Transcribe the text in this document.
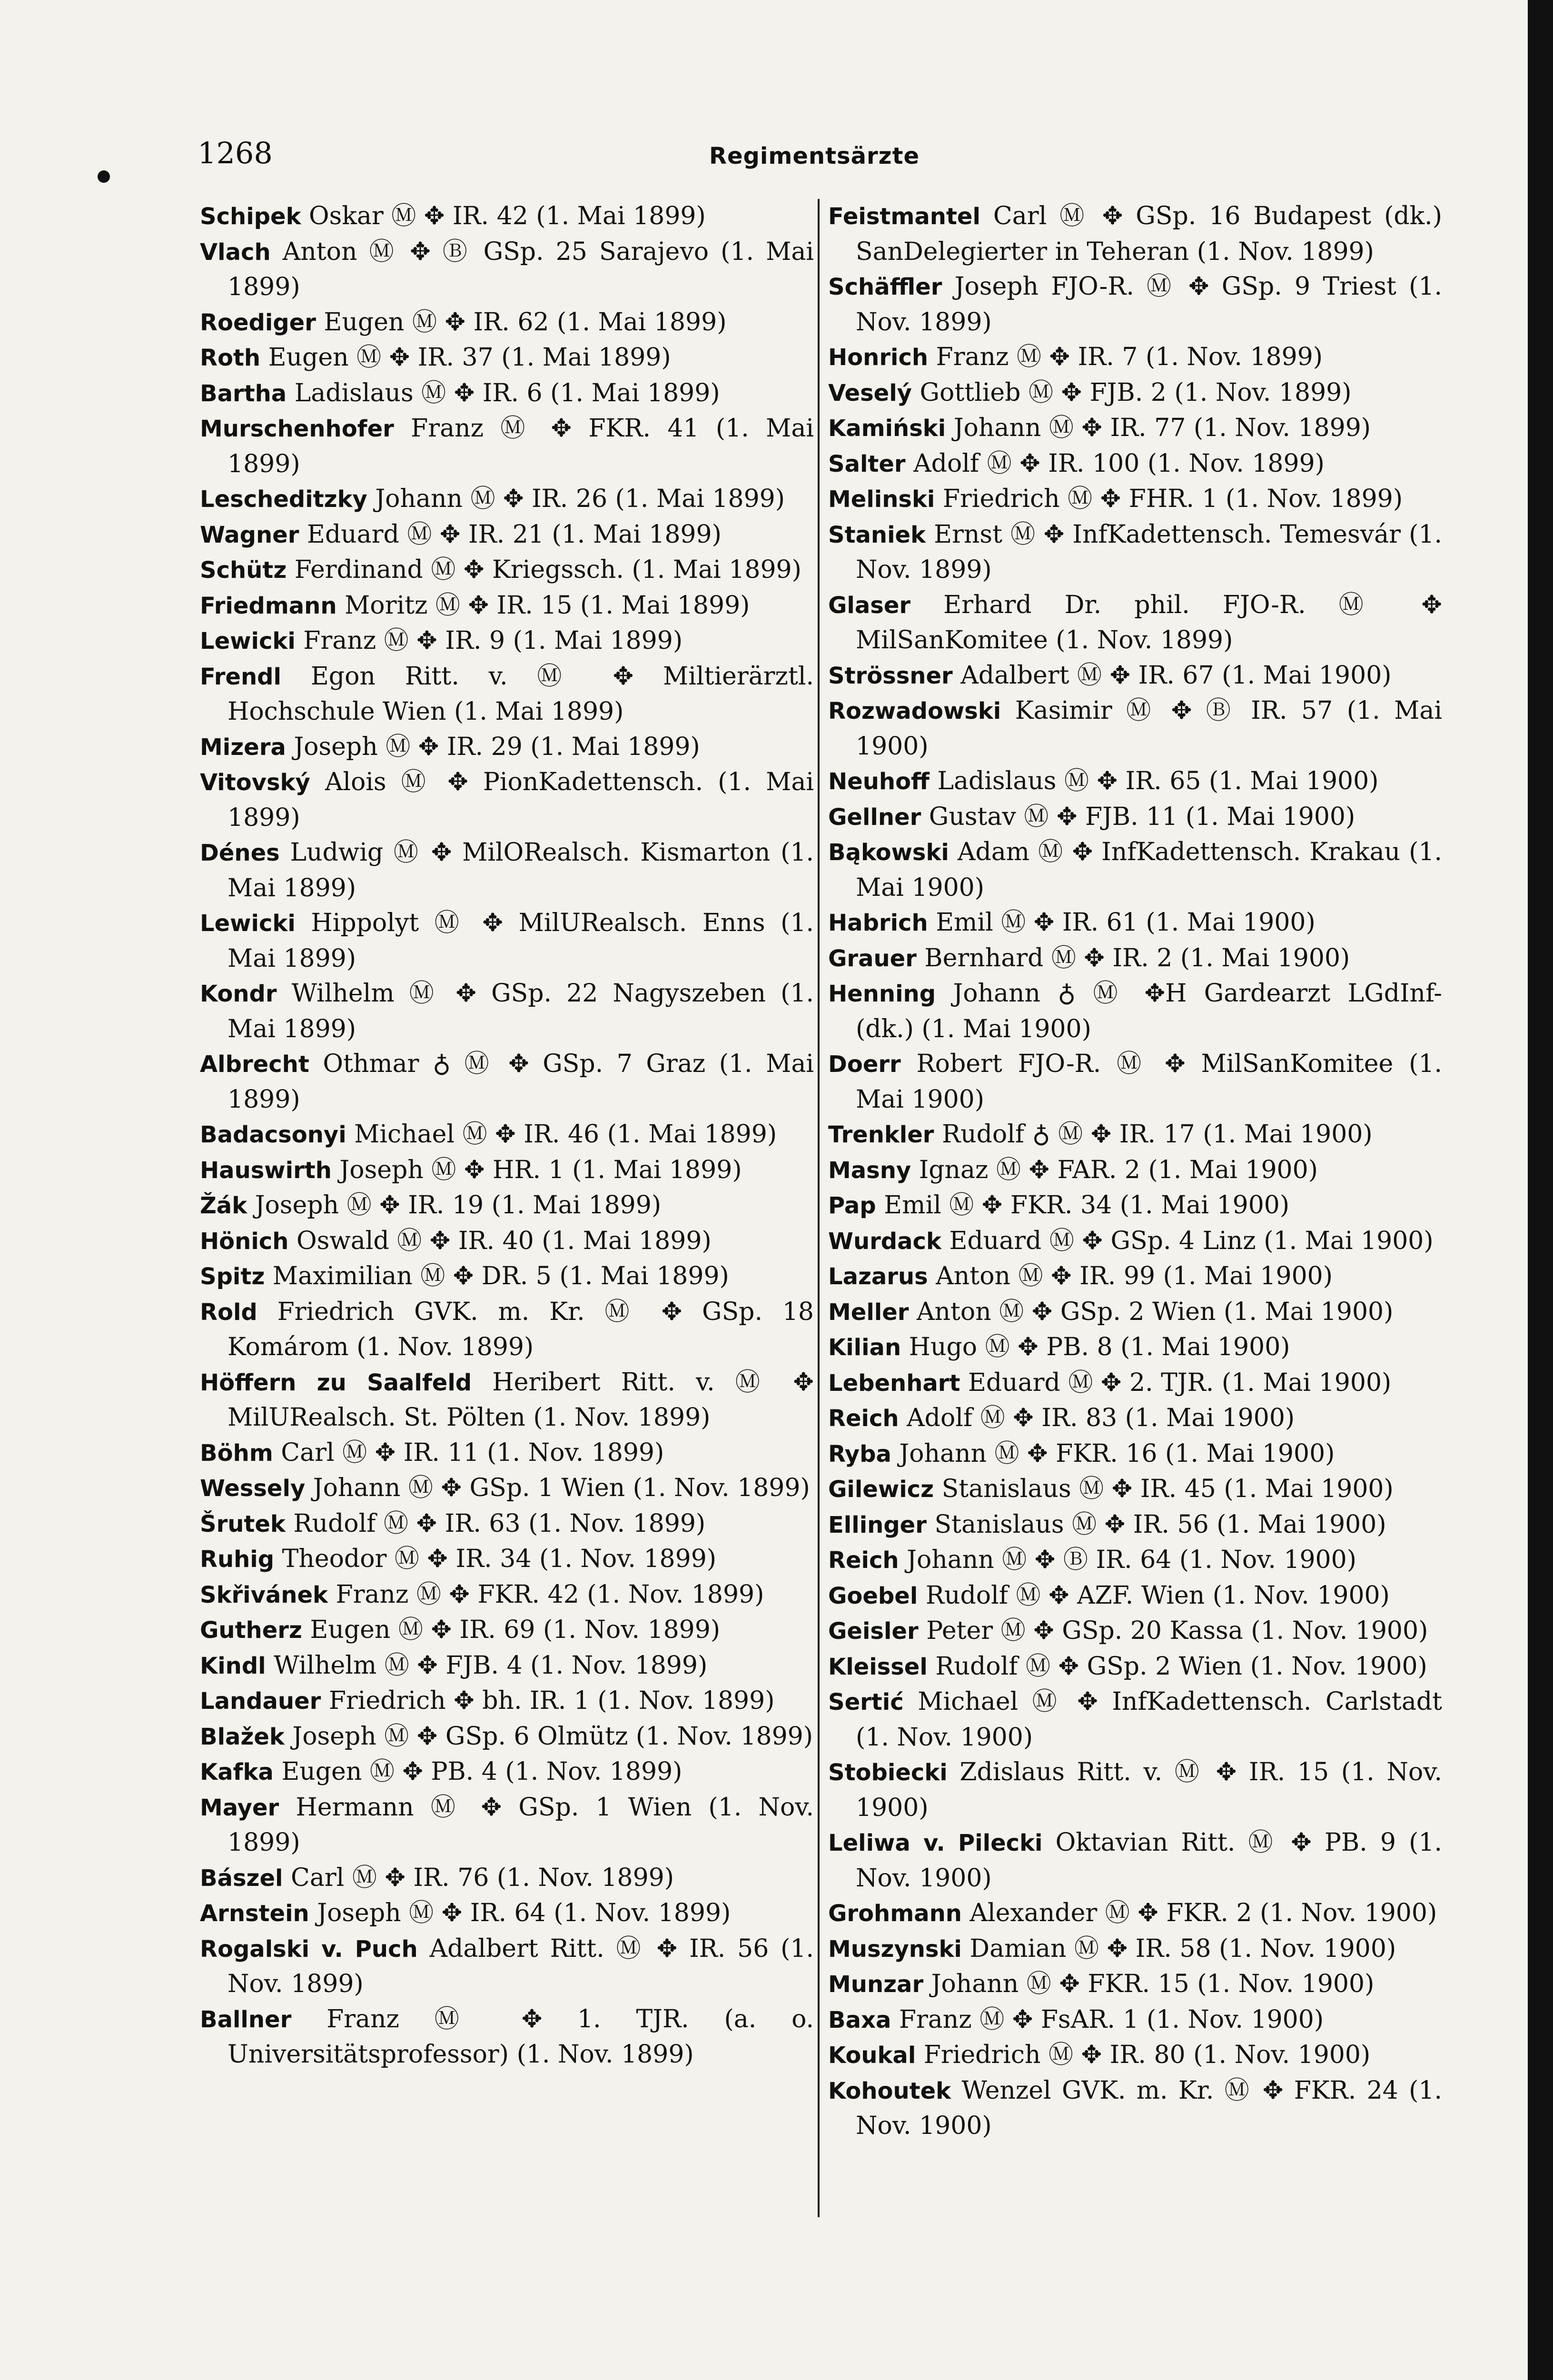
1268	Regimentsärzte

Schipek Oskar Ⓜ ✥ IR. 42 (1. Mai 1899)

Vlach Anton Ⓜ ✥ Ⓑ GSp. 25 Sarajevo (1. Mai 1899)

Roediger Eugen Ⓜ ✥ IR. 62 (1. Mai 1899)

Roth Eugen Ⓜ ✥ IR. 37 (1. Mai 1899)

Bartha Ladislaus Ⓜ ✥ IR. 6 (1. Mai 1899)

Murschenhofer Franz Ⓜ ✥ FKR. 41 (1. Mai 1899)

Lescheditzky Johann Ⓜ ✥ IR. 26 (1. Mai 1899)

Wagner Eduard Ⓜ ✥ IR. 21 (1. Mai 1899)

Schütz Ferdinand Ⓜ ✥ Kriegssch. (1. Mai 1899)

Friedmann Moritz Ⓜ ✥ IR. 15 (1. Mai 1899)

Lewicki Franz Ⓜ ✥ IR. 9 (1. Mai 1899)

Frendl Egon Ritt. v. Ⓜ ✥ Miltierärztl. Hochschule Wien (1. Mai 1899)

Mizera Joseph Ⓜ ✥ IR. 29 (1. Mai 1899)

Vitovský Alois Ⓜ ✥ PionKadettensch. (1. Mai 1899)

Dénes Ludwig Ⓜ ✥ MilORealsch. Kismarton (1. Mai 1899)

Lewicki Hippolyt Ⓜ ✥ MilURealsch. Enns (1. Mai 1899)

Kondr Wilhelm Ⓜ ✥ GSp. 22 Nagyszeben (1. Mai 1899)

Albrecht Othmar ♁ Ⓜ ✥ GSp. 7 Graz (1. Mai 1899)

Badacsonyi Michael Ⓜ ✥ IR. 46 (1. Mai 1899)

Hauswirth Joseph Ⓜ ✥ HR. 1 (1. Mai 1899)

Žák Joseph Ⓜ ✥ IR. 19 (1. Mai 1899)

Hönich Oswald Ⓜ ✥ IR. 40 (1. Mai 1899)

Spitz Maximilian Ⓜ ✥ DR. 5 (1. Mai 1899)

Rold Friedrich GVK. m. Kr. Ⓜ ✥ GSp. 18 Komárom (1. Nov. 1899)

Höffern zu Saalfeld Heribert Ritt. v. Ⓜ ✥ MilURealsch. St. Pölten (1. Nov. 1899)

Böhm Carl Ⓜ ✥ IR. 11 (1. Nov. 1899)

Wessely Johann Ⓜ ✥ GSp. 1 Wien (1. Nov. 1899)

Šrutek Rudolf Ⓜ ✥ IR. 63 (1. Nov. 1899)

Ruhig Theodor Ⓜ ✥ IR. 34 (1. Nov. 1899)

Skřivánek Franz Ⓜ ✥ FKR. 42 (1. Nov. 1899)

Gutherz Eugen Ⓜ ✥ IR. 69 (1. Nov. 1899)

Kindl Wilhelm Ⓜ ✥ FJB. 4 (1. Nov. 1899)

Landauer Friedrich ✥ bh. IR. 1 (1. Nov. 1899)

Blažek Joseph Ⓜ ✥ GSp. 6 Olmütz (1. Nov. 1899)

Kafka Eugen Ⓜ ✥ PB. 4 (1. Nov. 1899)

Mayer Hermann Ⓜ ✥ GSp. 1 Wien (1. Nov. 1899)

Bászel Carl Ⓜ ✥ IR. 76 (1. Nov. 1899)

Arnstein Joseph Ⓜ ✥ IR. 64 (1. Nov. 1899)

Rogalski v. Puch Adalbert Ritt. Ⓜ ✥ IR. 56 (1. Nov. 1899)

Ballner Franz Ⓜ ✥ 1. TJR. (a. o. Universitätsprofessor) (1. Nov. 1899)

Feistmantel Carl Ⓜ ✥ GSp. 16 Budapest (dk.) SanDelegierter in Teheran (1. Nov. 1899)

Schäffler Joseph FJO-R. Ⓜ ✥ GSp. 9 Triest (1. Nov. 1899)

Honrich Franz Ⓜ ✥ IR. 7 (1. Nov. 1899)

Veselý Gottlieb Ⓜ ✥ FJB. 2 (1. Nov. 1899)

Kamiński Johann Ⓜ ✥ IR. 77 (1. Nov. 1899)

Salter Adolf Ⓜ ✥ IR. 100 (1. Nov. 1899)

Melinski Friedrich Ⓜ ✥ FHR. 1 (1. Nov. 1899)

Staniek Ernst Ⓜ ✥ InfKadettensch. Temesvár (1. Nov. 1899)

Glaser Erhard Dr. phil. FJO-R. Ⓜ ✥ MilSanKomitee (1. Nov. 1899)

Strössner Adalbert Ⓜ ✥ IR. 67 (1. Mai 1900)

Rozwadowski Kasimir Ⓜ ✥ Ⓑ IR. 57 (1. Mai 1900)

Neuhoff Ladislaus Ⓜ ✥ IR. 65 (1. Mai 1900)

Gellner Gustav Ⓜ ✥ FJB. 11 (1. Mai 1900)

Bąkowski Adam Ⓜ ✥ InfKadettensch. Krakau (1. Mai 1900)

Habrich Emil Ⓜ ✥ IR. 61 (1. Mai 1900)

Grauer Bernhard Ⓜ ✥ IR. 2 (1. Mai 1900)

Henning Johann ♁ Ⓜ ✥H Gardearzt LGdInf- (dk.) (1. Mai 1900)

Doerr Robert FJO-R. Ⓜ ✥ MilSanKomitee (1. Mai 1900)

Trenkler Rudolf ♁ Ⓜ ✥ IR. 17 (1. Mai 1900)

Masny Ignaz Ⓜ ✥ FAR. 2 (1. Mai 1900)

Pap Emil Ⓜ ✥ FKR. 34 (1. Mai 1900)

Wurdack Eduard Ⓜ ✥ GSp. 4 Linz (1. Mai 1900)

Lazarus Anton Ⓜ ✥ IR. 99 (1. Mai 1900)

Meller Anton Ⓜ ✥ GSp. 2 Wien (1. Mai 1900)

Kilian Hugo Ⓜ ✥ PB. 8 (1. Mai 1900)

Lebenhart Eduard Ⓜ ✥ 2. TJR. (1. Mai 1900)

Reich Adolf Ⓜ ✥ IR. 83 (1. Mai 1900)

Ryba Johann Ⓜ ✥ FKR. 16 (1. Mai 1900)

Gilewicz Stanislaus Ⓜ ✥ IR. 45 (1. Mai 1900)

Ellinger Stanislaus Ⓜ ✥ IR. 56 (1. Mai 1900)

Reich Johann Ⓜ ✥ Ⓑ IR. 64 (1. Nov. 1900)

Goebel Rudolf Ⓜ ✥ AZF. Wien (1. Nov. 1900)

Geisler Peter Ⓜ ✥ GSp. 20 Kassa (1. Nov. 1900)

Kleissel Rudolf Ⓜ ✥ GSp. 2 Wien (1. Nov. 1900)

Sertić Michael Ⓜ ✥ InfKadettensch. Carlstadt (1. Nov. 1900)

Stobiecki Zdislaus Ritt. v. Ⓜ ✥ IR. 15 (1. Nov. 1900)

Leliwa v. Pilecki Oktavian Ritt. Ⓜ ✥ PB. 9 (1. Nov. 1900)

Grohmann Alexander Ⓜ ✥ FKR. 2 (1. Nov. 1900)

Muszynski Damian Ⓜ ✥ IR. 58 (1. Nov. 1900)

Munzar Johann Ⓜ ✥ FKR. 15 (1. Nov. 1900)

Baxa Franz Ⓜ ✥ FsAR. 1 (1. Nov. 1900)

Koukal Friedrich Ⓜ ✥ IR. 80 (1. Nov. 1900)

Kohoutek Wenzel GVK. m. Kr. Ⓜ ✥ FKR. 24 (1. Nov. 1900)
